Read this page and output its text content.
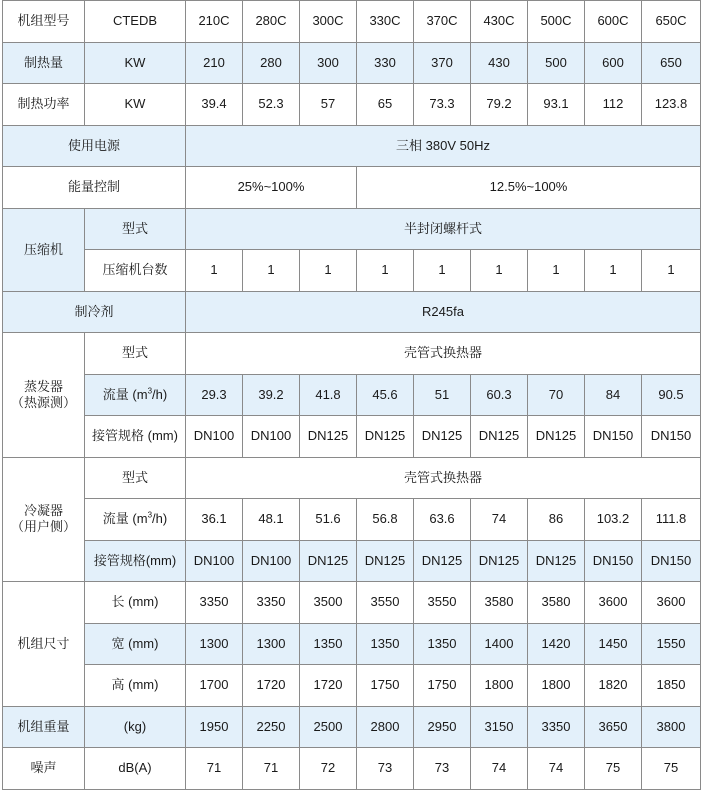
机组型号	CTEDB	210C	280C	300C	330C	370C	430C	500C	600C	650C
制热量	KW	210	280	300	330	370	430	500	600	650
制热功率	KW	39.4	52.3	57	65	73.3	79.2	93.1	112	123.8
使用电源		三相 380V 50Hz								
能量控制		25%~100%			12.5%~100%					
压缩机	型式	半封闭螺杆式								
	压缩机台数	1	1	1	1	1	1	1	1	1
制冷剂		R245fa								

蒸发器
（热源测）	型式	壳管式换热器								
	流量 $(m^3/h)$	29.3	39.2	41.8	45.6	51	60.3	70	84	90.5
	接管规格 (mm)	DN100	DN100	DN125	DN125	DN125	DN125	DN125	DN150	DN150

冷凝器
（用户侧）	型式	壳管式换热器								
	流量 $(m^3/h)$	36.1	48.1	51.6	56.8	63.6	74	86	103.2	111.8
	接管规格(mm)	DN100	DN100	DN125	DN125	DN125	DN125	DN125	DN150	DN150
机组尺寸	长 (mm)	3350	3350	3500	3550	3550	3580	3580	3600	3600
	宽 (mm)	1300	1300	1350	1350	1350	1400	1420	1450	1550
	高 (mm)	1700	1720	1720	1750	1750	1800	1800	1820	1850
机组重量	(kg)	1950	2250	2500	2800	2950	3150	3350	3650	3800
噪声	dB(A)	71	71	72	73	73	74	74	75	75
